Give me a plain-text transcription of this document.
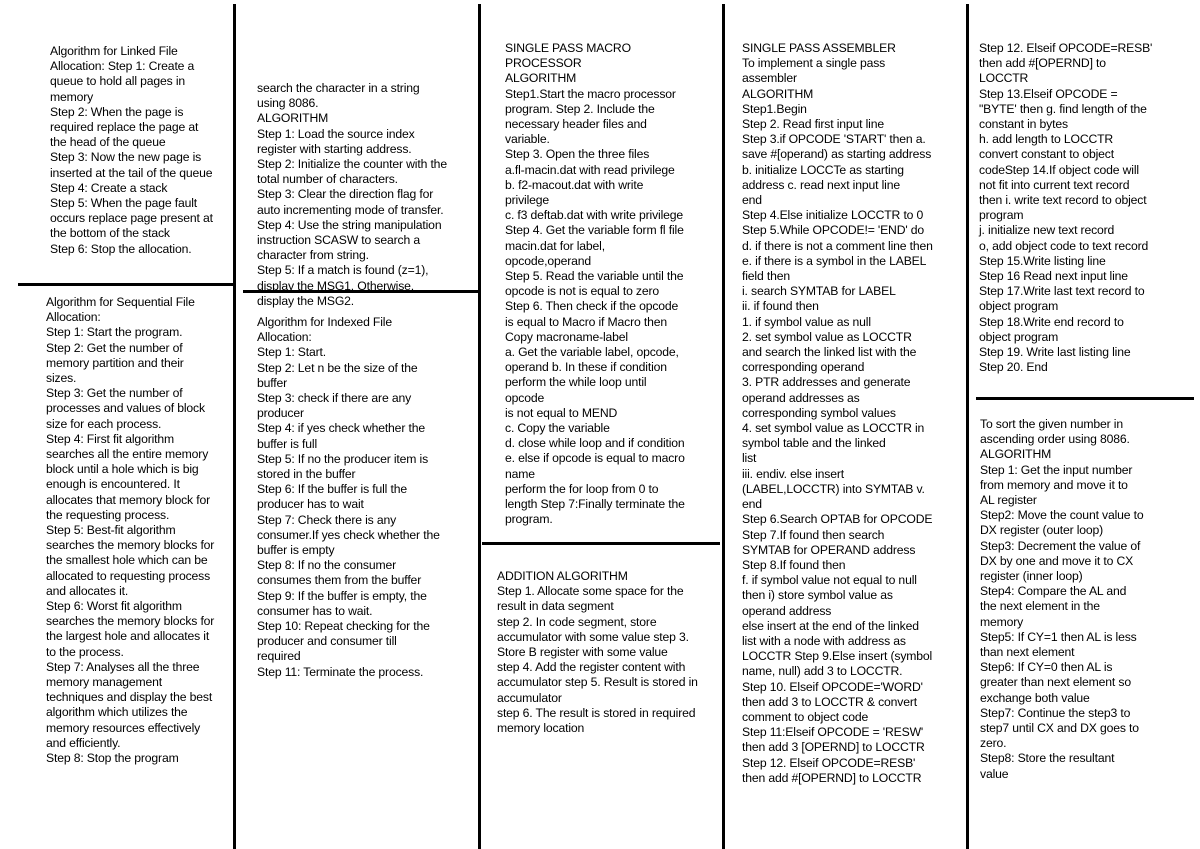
Algorithm for Linked File
Allocation: Step 1: Create a
queue to hold all pages in
memory
Step 2: When the page is
required replace the page at
the head of the queue
Step 3: Now the new page is
inserted at the tail of the queue
Step 4: Create a stack
Step 5: When the page fault
occurs replace page present at
the bottom of the stack
Step 6: Stop the allocation.
Algorithm for Sequential File
Allocation:
Step 1: Start the program.
Step 2: Get the number of
memory partition and their
sizes.
Step 3: Get the number of
processes and values of block
size for each process.
Step 4: First fit algorithm
searches all the entire memory
block until a hole which is big
enough is encountered. It
allocates that memory block for
the requesting process.
Step 5: Best-fit algorithm
searches the memory blocks for
the smallest hole which can be
allocated to requesting process
and allocates it.
Step 6: Worst fit algorithm
searches the memory blocks for
the largest hole and allocates it
to the process.
Step 7: Analyses all the three
memory management
techniques and display the best
algorithm which utilizes the
memory resources effectively
and efficiently.
Step 8: Stop the program
search the character in a string
using 8086.
ALGORITHM
Step 1: Load the source index
register with starting address.
Step 2: Initialize the counter with the
total number of characters.
Step 3: Clear the direction flag for
auto incrementing mode of transfer.
Step 4: Use the string manipulation
instruction SCASW to search a
character from string.
Step 5: If a match is found (z=1),
display the MSG1. Otherwise,
display the MSG2.
Algorithm for Indexed File
Allocation:
Step 1: Start.
Step 2: Let n be the size of the
buffer
Step 3: check if there are any
producer
Step 4: if yes check whether the
buffer is full
Step 5: If no the producer item is
stored in the buffer
Step 6: If the buffer is full the
producer has to wait
Step 7: Check there is any
consumer.If yes check whether the
buffer is empty
Step 8: If no the consumer
consumes them from the buffer
Step 9: If the buffer is empty, the
consumer has to wait.
Step 10: Repeat checking for the
producer and consumer till
required
Step 11: Terminate the process.
SINGLE PASS MACRO
PROCESSOR
ALGORITHM
Step1.Start the macro processor
program. Step 2. Include the
necessary header files and
variable.
Step 3. Open the three files
a.fl-macin.dat with read privilege
b. f2-macout.dat with write
privilege
c. f3 deftab.dat with write privilege
Step 4. Get the variable form fl file
macin.dat for label,
opcode,operand
Step 5. Read the variable until the
opcode is not is equal to zero
Step 6. Then check if the opcode
is equal to Macro if Macro then
Copy macroname-label
a. Get the variable label, opcode,
operand b. In these if condition
perform the while loop until
opcode
is not equal to MEND
c. Copy the variable
d. close while loop and if condition
e. else if opcode is equal to macro
name
perform the for loop from 0 to
length Step 7:Finally terminate the
program.
ADDITION ALGORITHM
Step 1. Allocate some space for the
result in data segment
step 2. In code segment, store
accumulator with some value step 3.
Store B register with some value
step 4. Add the register content with
accumulator step 5. Result is stored in
accumulator
step 6. The result is stored in required
memory location
SINGLE PASS ASSEMBLER
To implement a single pass
assembler
ALGORITHM
Step1.Begin
Step 2. Read first input line
Step 3.if OPCODE 'START' then a.
save #[operand) as starting address
b. initialize LOCCTe as starting
address c. read next input line
end
Step 4.Else initialize LOCCTR to 0
Step 5.While OPCODE!= 'END' do
d. if there is not a comment line then
e. if there is a symbol in the LABEL
field then
i. search SYMTAB for LABEL
ii. if found then
1. if symbol value as null
2. set symbol value as LOCCTR
and search the linked list with the
corresponding operand
3. PTR addresses and generate
operand addresses as
corresponding symbol values
4. set symbol value as LOCCTR in
symbol table and the linked
list
iii. endiv. else insert
(LABEL,LOCCTR) into SYMTAB v.
end
Step 6.Search OPTAB for OPCODE
Step 7.If found then search
SYMTAB for OPERAND address
Step 8.If found then
f. if symbol value not equal to null
then i) store symbol value as
operand address
else insert at the end of the linked
list with a node with address as
LOCCTR Step 9.Else insert (symbol
name, null) add 3 to LOCCTR.
Step 10. Elseif OPCODE='WORD'
then add 3 to LOCCTR & convert
comment to object code
Step 11:Elseif OPCODE = 'RESW'
then add 3 [OPERND] to LOCCTR
Step 12. Elseif OPCODE=RESB'
then add #[OPERND] to LOCCTR
Step 12. Elseif OPCODE=RESB'
then add #[OPERND] to
LOCCTR
Step 13.Elseif OPCODE =
"BYTE' then g. find length of the
constant in bytes
h. add length to LOCCTR
convert constant to object
codeStep 14.If object code will
not fit into current text record
then i. write text record to object
program
j. initialize new text record
o, add object code to text record
Step 15.Write listing line
Step 16 Read next input line
Step 17.Write last text record to
object program
Step 18.Write end record to
object program
Step 19. Write last listing line
Step 20. End
To sort the given number in
ascending order using 8086.
ALGORITHM
Step 1: Get the input number
from memory and move it to
AL register
Step2: Move the count value to
DX register (outer loop)
Step3: Decrement the value of
DX by one and move it to CX
register (inner loop)
Step4: Compare the AL and
the next element in the
memory
Step5: If CY=1 then AL is less
than next element
Step6: If CY=0 then AL is
greater than next element so
exchange both value
Step7: Continue the step3 to
step7 until CX and DX goes to
zero.
Step8: Store the resultant
value
